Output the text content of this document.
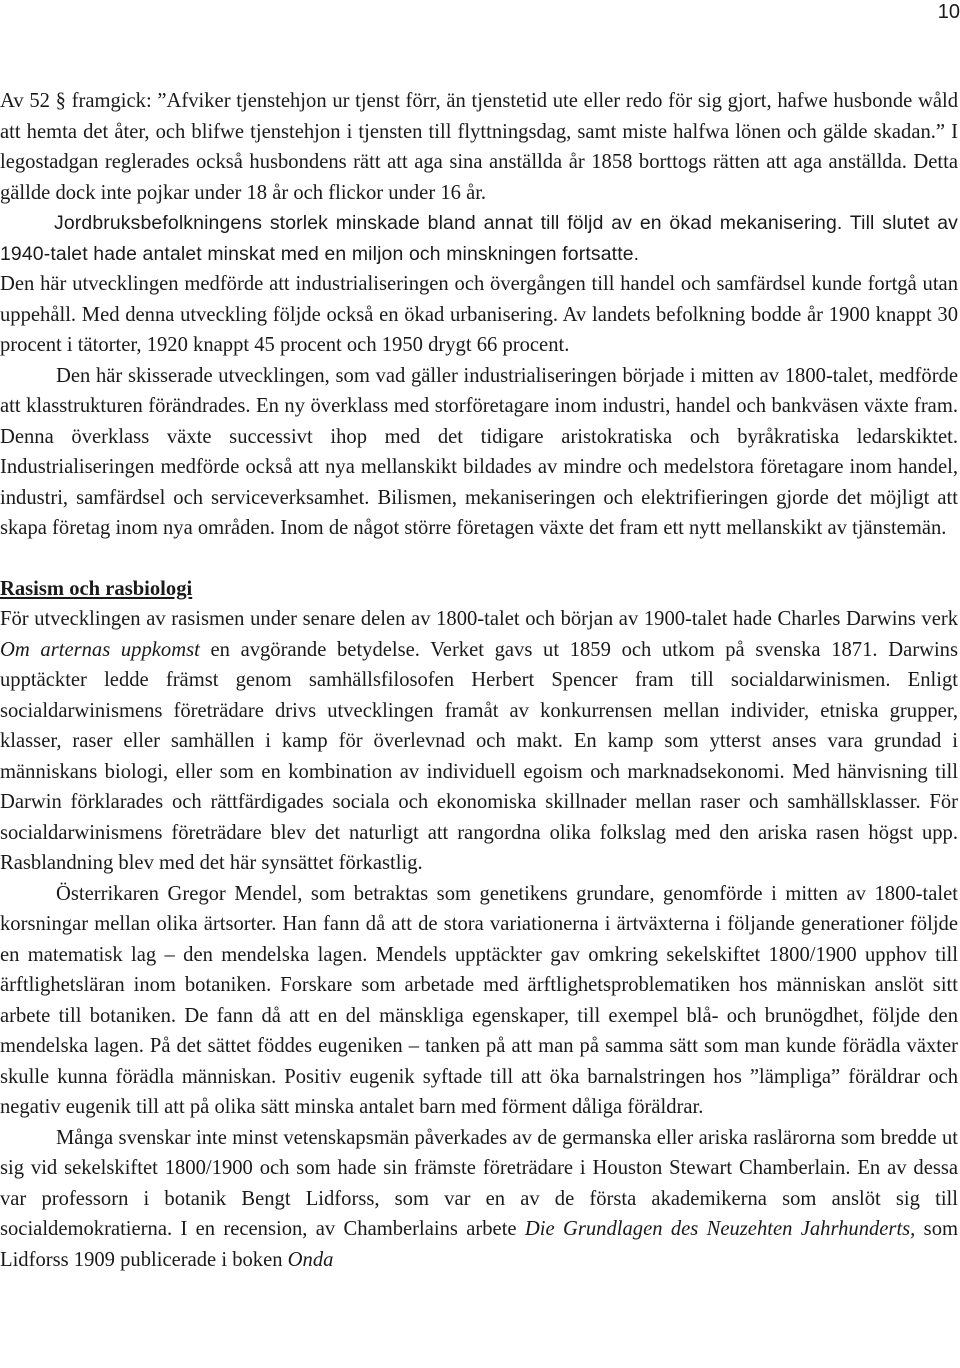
10

Av 52 § framgick: ”Afviker tjenstehjon ur tjenst förr, än tjenstetid ute eller redo för sig gjort, hafwe husbonde wåld att hemta det åter, och blifwe tjenstehjon i tjensten till flyttningsdag, samt miste halfwa lönen och gälde skadan.” I legostadgan reglerades också husbondens rätt att aga sina anställda år 1858 borttogs rätten att aga anställda. Detta gällde dock inte pojkar under 18 år och flickor under 16 år.

Jordbruksbefolkningens storlek minskade bland annat till följd av en ökad mekanisering. Till slutet av 1940-talet hade antalet minskat med en miljon och minskningen fortsatte.

Den här utvecklingen medförde att industrialiseringen och övergången till handel och samfärdsel kunde fortgå utan uppehåll. Med denna utveckling följde också en ökad urbanisering. Av landets befolkning bodde år 1900 knappt 30 procent i tätorter, 1920 knappt 45 procent och 1950 drygt 66 procent.

Den här skisserade utvecklingen, som vad gäller industrialiseringen började i mitten av 1800-talet, medförde att klasstrukturen förändrades. En ny överklass med storföretagare inom industri, handel och bankväsen växte fram. Denna överklass växte successivt ihop med det tidigare aristokratiska och byråkratiska ledarskiktet. Industrialiseringen medförde också att nya mellanskikt bildades av mindre och medelstora företagare inom handel, industri, samfärdsel och serviceverksamhet. Bilismen, mekaniseringen och elektrifieringen gjorde det möjligt att skapa företag inom nya områden. Inom de något större företagen växte det fram ett nytt mellanskikt av tjänstemän.

Rasism och rasbiologi

För utvecklingen av rasismen under senare delen av 1800-talet och början av 1900-talet hade Charles Darwins verk Om arternas uppkomst en avgörande betydelse. Verket gavs ut 1859 och utkom på svenska 1871. Darwins upptäckter ledde främst genom samhällsfilosofen Herbert Spencer fram till socialdarwinismen. Enligt socialdarwinismens företrädare drivs utvecklingen framåt av konkurrensen mellan individer, etniska grupper, klasser, raser eller samhällen i kamp för överlevnad och makt. En kamp som ytterst anses vara grundad i människans biologi, eller som en kombination av individuell egoism och marknadsekonomi. Med hänvisning till Darwin förklarades och rättfärdigades sociala och ekonomiska skillnader mellan raser och samhällsklasser. För socialdarwinismens företrädare blev det naturligt att rangordna olika folkslag med den ariska rasen högst upp. Rasblandning blev med det här synsättet förkastlig.

Österrikaren Gregor Mendel, som betraktas som genetikens grundare, genomförde i mitten av 1800-talet korsningar mellan olika ärtsorter. Han fann då att de stora variationerna i ärtväxterna i följande generationer följde en matematisk lag – den mendelska lagen. Mendels upptäckter gav omkring sekelskiftet 1800/1900 upphov till ärftlighetsläran inom botaniken. Forskare som arbetade med ärftlighetsproblematiken hos människan anslöt sitt arbete till botaniken. De fann då att en del mänskliga egenskaper, till exempel blå- och brunögdhet, följde den mendelska lagen. På det sättet föddes eugeniken – tanken på att man på samma sätt som man kunde förädla växter skulle kunna förädla människan. Positiv eugenik syftade till att öka barnalstringen hos ”lämpliga” föräldrar och negativ eugenik till att på olika sätt minska antalet barn med förment dåliga föräldrar.

Många svenskar inte minst vetenskapsmän påverkades av de germanska eller ariska raslärorna som bredde ut sig vid sekelskiftet 1800/1900 och som hade sin främste företrädare i Houston Stewart Chamberlain. En av dessa var professorn i botanik Bengt Lidforss, som var en av de första akademikerna som anslöt sig till socialdemokratierna. I en recension, av Chamberlains arbete Die Grundlagen des Neuzehten Jahrhunderts, som Lidforss 1909 publicerade i boken Onda
